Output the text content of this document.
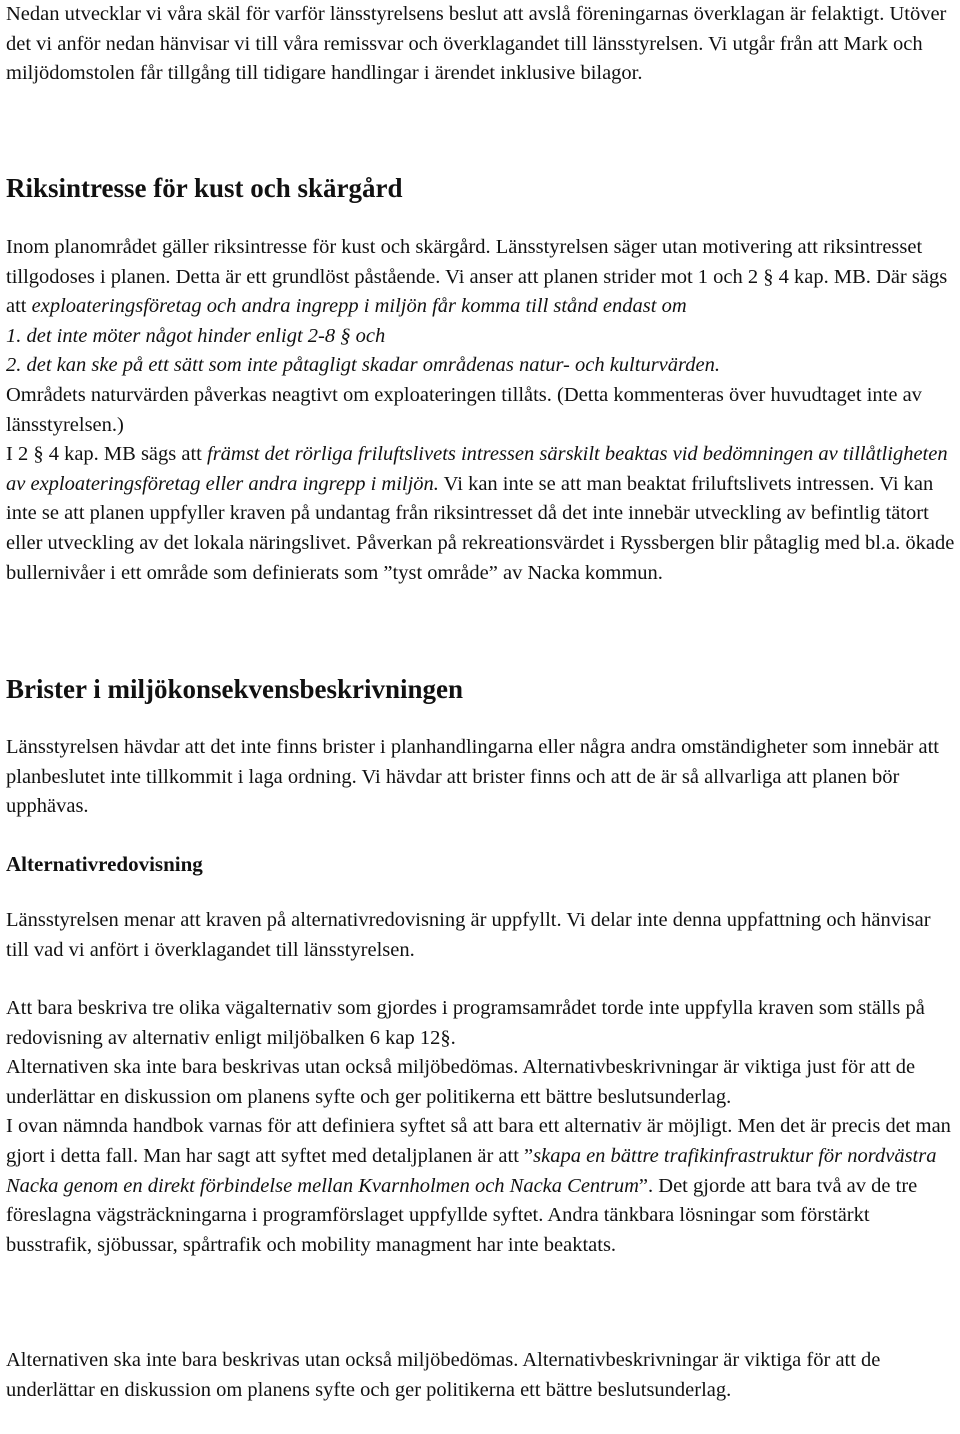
Nedan utvecklar vi våra skäl för varför länsstyrelsens beslut att avslå föreningarnas överklagan är felaktigt. Utöver det vi anför nedan hänvisar vi till våra remissvar och överklagandet till länsstyrelsen. Vi utgår från att Mark och miljödomstolen får tillgång till tidigare handlingar i ärendet inklusive bilagor.

Riksintresse för kust och skärgård

Inom planområdet gäller riksintresse för kust och skärgård. Länsstyrelsen säger utan motivering att riksintresset tillgodoses i planen. Detta är ett grundlöst påstående. Vi anser att planen strider mot 1 och 2 § 4 kap. MB. Där sägs att exploateringsföretag och andra ingrepp i miljön får komma till stånd endast om

1. det inte möter något hinder enligt 2-8 § och

2. det kan ske på ett sätt som inte påtagligt skadar områdenas natur- och kulturvärden.

Områdets naturvärden påverkas neagtivt om exploateringen tillåts. (Detta kommenteras över huvudtaget inte av länsstyrelsen.)

I 2 § 4 kap. MB sägs att främst det rörliga friluftslivets intressen särskilt beaktas vid bedömningen av tillåtligheten av exploateringsföretag eller andra ingrepp i miljön. Vi kan inte se att man beaktat friluftslivets intressen. Vi kan inte se att planen uppfyller kraven på undantag från riksintresset då det inte innebär utveckling av befintlig tätort eller utveckling av det lokala näringslivet. Påverkan på rekreationsvärdet i Ryssbergen blir påtaglig med bl.a. ökade bullernivåer i ett område som definierats som ”tyst område” av Nacka kommun.

Brister i miljökonsekvensbeskrivningen

Länsstyrelsen hävdar att det inte finns brister i planhandlingarna eller några andra omständigheter som innebär att planbeslutet inte tillkommit i laga ordning. Vi hävdar att brister finns och att de är så allvarliga att planen bör upphävas.

Alternativredovisning

Länsstyrelsen menar att kraven på alternativredovisning är uppfyllt. Vi delar inte denna uppfattning och hänvisar till vad vi anfört i överklagandet till länsstyrelsen.

Att bara beskriva tre olika vägalternativ som gjordes i programsamrådet torde inte uppfylla kraven som ställs på redovisning av alternativ enligt miljöbalken 6 kap 12§.

Alternativen ska inte bara beskrivas utan också miljöbedömas. Alternativbeskrivningar är viktiga just för att de underlättar en diskussion om planens syfte och ger politikerna ett bättre beslutsunderlag.

I ovan nämnda handbok varnas för att definiera syftet så att bara ett alternativ är möjligt. Men det är precis det man gjort i detta fall. Man har sagt att syftet med detaljplanen är att ”skapa en bättre trafikinfrastruktur för nordvästra Nacka genom en direkt förbindelse mellan Kvarnholmen och Nacka Centrum”. Det gjorde att bara två av de tre föreslagna vägsträckningarna i programförslaget uppfyllde syftet. Andra tänkbara lösningar som förstärkt busstrafik, sjöbussar, spårtrafik och mobility managment har inte beaktats.

Alternativen ska inte bara beskrivas utan också miljöbedömas. Alternativbeskrivningar är viktiga för att de underlättar en diskussion om planens syfte och ger politikerna ett bättre beslutsunderlag.
